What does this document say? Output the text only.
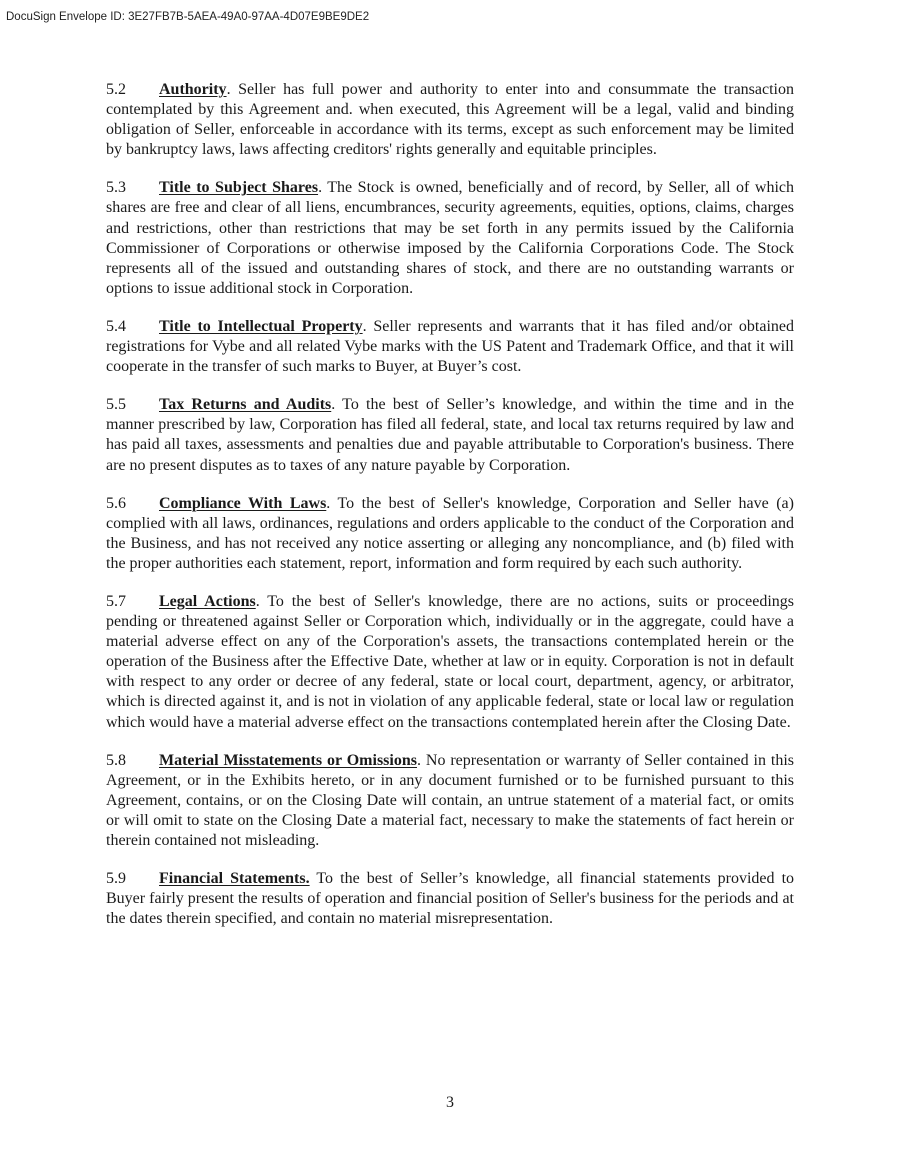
DocuSign Envelope ID: 3E27FB7B-5AEA-49A0-97AA-4D07E9BE9DE2

5.2 Authority. Seller has full power and authority to enter into and consummate the transaction contemplated by this Agreement and. when executed, this Agreement will be a legal, valid and binding obligation of Seller, enforceable in accordance with its terms, except as such enforcement may be limited by bankruptcy laws, laws affecting creditors' rights generally and equitable principles.

5.3 Title to Subject Shares. The Stock is owned, beneficially and of record, by Seller, all of which shares are free and clear of all liens, encumbrances, security agreements, equities, options, claims, charges and restrictions, other than restrictions that may be set forth in any permits issued by the California Commissioner of Corporations or otherwise imposed by the California Corporations Code. The Stock represents all of the issued and outstanding shares of stock, and there are no outstanding warrants or options to issue additional stock in Corporation.

5.4 Title to Intellectual Property. Seller represents and warrants that it has filed and/or obtained registrations for Vybe and all related Vybe marks with the US Patent and Trademark Office, and that it will cooperate in the transfer of such marks to Buyer, at Buyer’s cost.

5.5 Tax Returns and Audits. To the best of Seller’s knowledge, and within the time and in the manner prescribed by law, Corporation has filed all federal, state, and local tax returns required by law and has paid all taxes, assessments and penalties due and payable attributable to Corporation's business. There are no present disputes as to taxes of any nature payable by Corporation.

5.6 Compliance With Laws. To the best of Seller's knowledge, Corporation and Seller have (a) complied with all laws, ordinances, regulations and orders applicable to the conduct of the Corporation and the Business, and has not received any notice asserting or alleging any noncompliance, and (b) filed with the proper authorities each statement, report, information and form required by each such authority.

5.7 Legal Actions. To the best of Seller's knowledge, there are no actions, suits or proceedings pending or threatened against Seller or Corporation which, individually or in the aggregate, could have a material adverse effect on any of the Corporation's assets, the transactions contemplated herein or the operation of the Business after the Effective Date, whether at law or in equity. Corporation is not in default with respect to any order or decree of any federal, state or local court, department, agency, or arbitrator, which is directed against it, and is not in violation of any applicable federal, state or local law or regulation which would have a material adverse effect on the transactions contemplated herein after the Closing Date.

5.8 Material Misstatements or Omissions. No representation or warranty of Seller contained in this Agreement, or in the Exhibits hereto, or in any document furnished or to be furnished pursuant to this Agreement, contains, or on the Closing Date will contain, an untrue statement of a material fact, or omits or will omit to state on the Closing Date a material fact, necessary to make the statements of fact herein or therein contained not misleading.

5.9 Financial Statements. To the best of Seller’s knowledge, all financial statements provided to Buyer fairly present the results of operation and financial position of Seller's business for the periods and at the dates therein specified, and contain no material misrepresentation.

3
